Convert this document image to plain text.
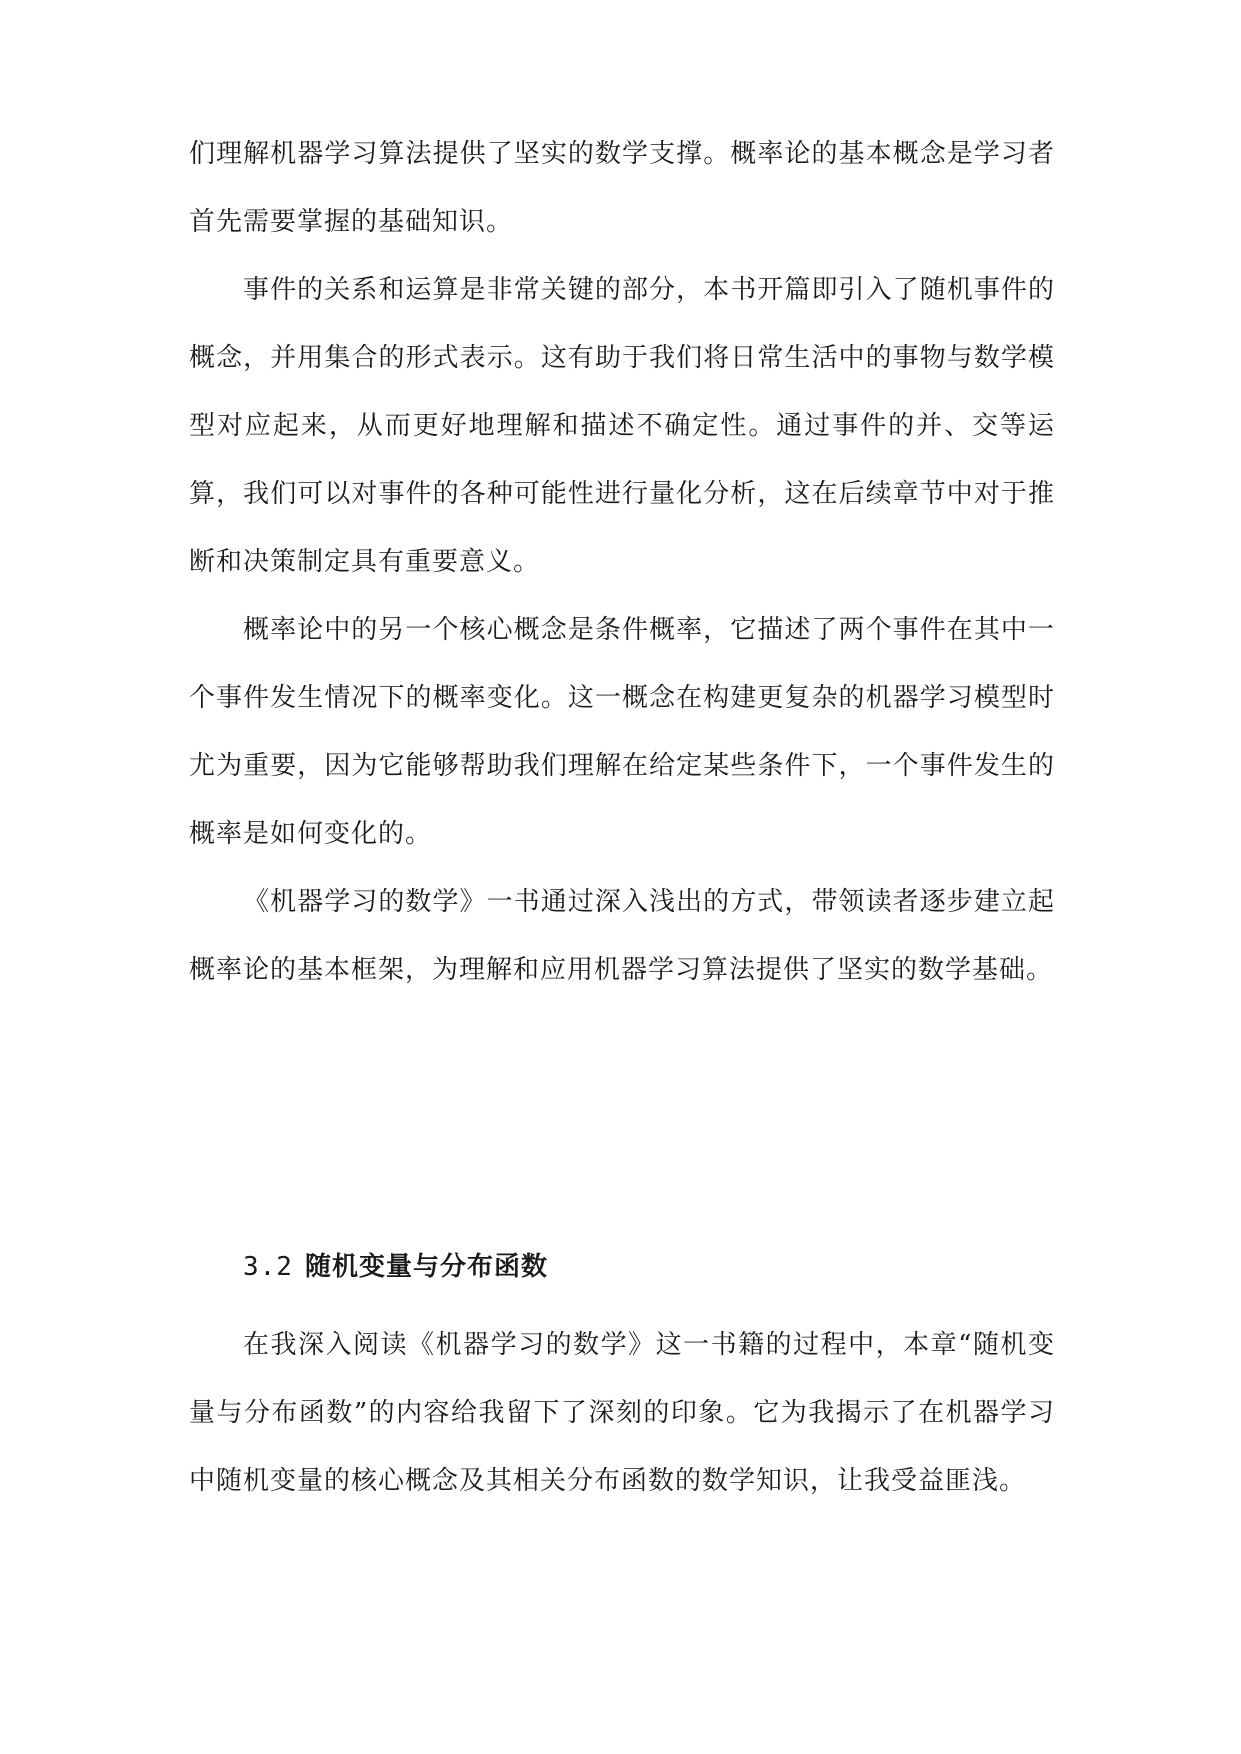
们理解机器学习算法提供了坚实的数学支撑。概率论的基本概念是学习者首先需要掌握的基础知识。

事件的关系和运算是非常关键的部分，本书开篇即引入了随机事件的概念，并用集合的形式表示。这有助于我们将日常生活中的事物与数学模型对应起来，从而更好地理解和描述不确定性。通过事件的并、交等运算，我们可以对事件的各种可能性进行量化分析，这在后续章节中对于推断和决策制定具有重要意义。

概率论中的另一个核心概念是条件概率，它描述了两个事件在其中一个事件发生情况下的概率变化。这一概念在构建更复杂的机器学习模型时尤为重要，因为它能够帮助我们理解在给定某些条件下，一个事件发生的概率是如何变化的。

《机器学习的数学》一书通过深入浅出的方式，带领读者逐步建立起概率论的基本框架，为理解和应用机器学习算法提供了坚实的数学基础。

3.2 随机变量与分布函数

在我深入阅读《机器学习的数学》这一书籍的过程中，本章“随机变量与分布函数”的内容给我留下了深刻的印象。它为我揭示了在机器学习中随机变量的核心概念及其相关分布函数的数学知识，让我受益匪浅。
